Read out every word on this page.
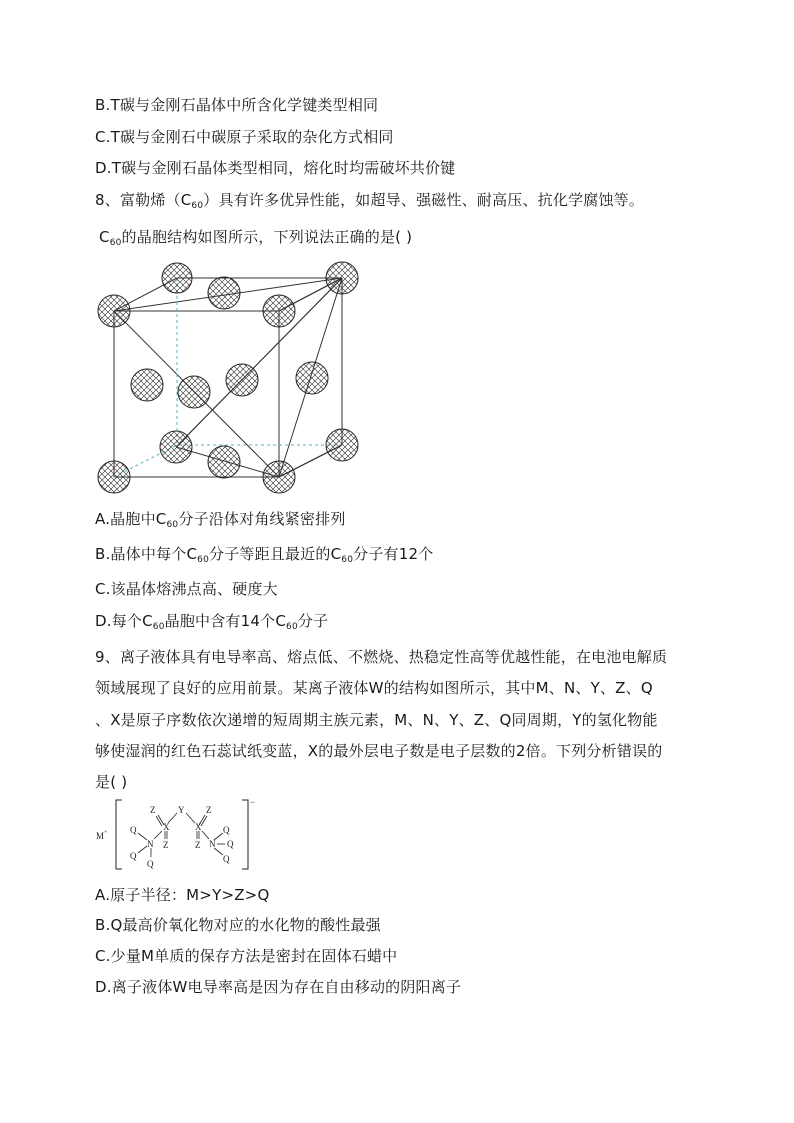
B.T碳与金刚石晶体中所含化学键类型相同
C.T碳与金刚石中碳原子采取的杂化方式相同
D.T碳与金刚石晶体类型相同，熔化时均需破坏共价键
8、富勒烯$(C_{60})$具有许多优异性能，如超导、强磁性、耐高压、抗化学腐蚀等。
$C_{60}$的晶胞结构如图所示，下列说法正确的是( )
A.晶胞中$C_{60}$分子沿体对角线紧密排列
B.晶体中每个$C_{60}$分子等距且最近的$C_{60}$分子有12个
C.该晶体熔沸点高、硬度大
D.每个$C_{60}$晶胞中含有14个$C_{60}$分子
9、离子液体具有电导率高、熔点低、不燃烧、热稳定性高等优越性能，在电池电解质
领域展现了良好的应用前景。某离子液体W的结构如图所示，其中M、N、Y、Z、Q
、X是原子序数依次递增的短周期主族元素，M、N、Y、Z、Q同周期，Y的氢化物能
够使湿润的红色石蕊试纸变蓝，X的最外层电子数是电子层数的2倍。下列分析错误的
是( )
M +
−
Z	Y Z
X	X
Z	Z
N	N
Q
Q
Q
Q
Q
Q
A.原子半径：M>Y>Z>Q
B.Q最高价氧化物对应的水化物的酸性最强
C.少量M单质的保存方法是密封在固体石蜡中
D.离子液体W电导率高是因为存在自由移动的阴阳离子
